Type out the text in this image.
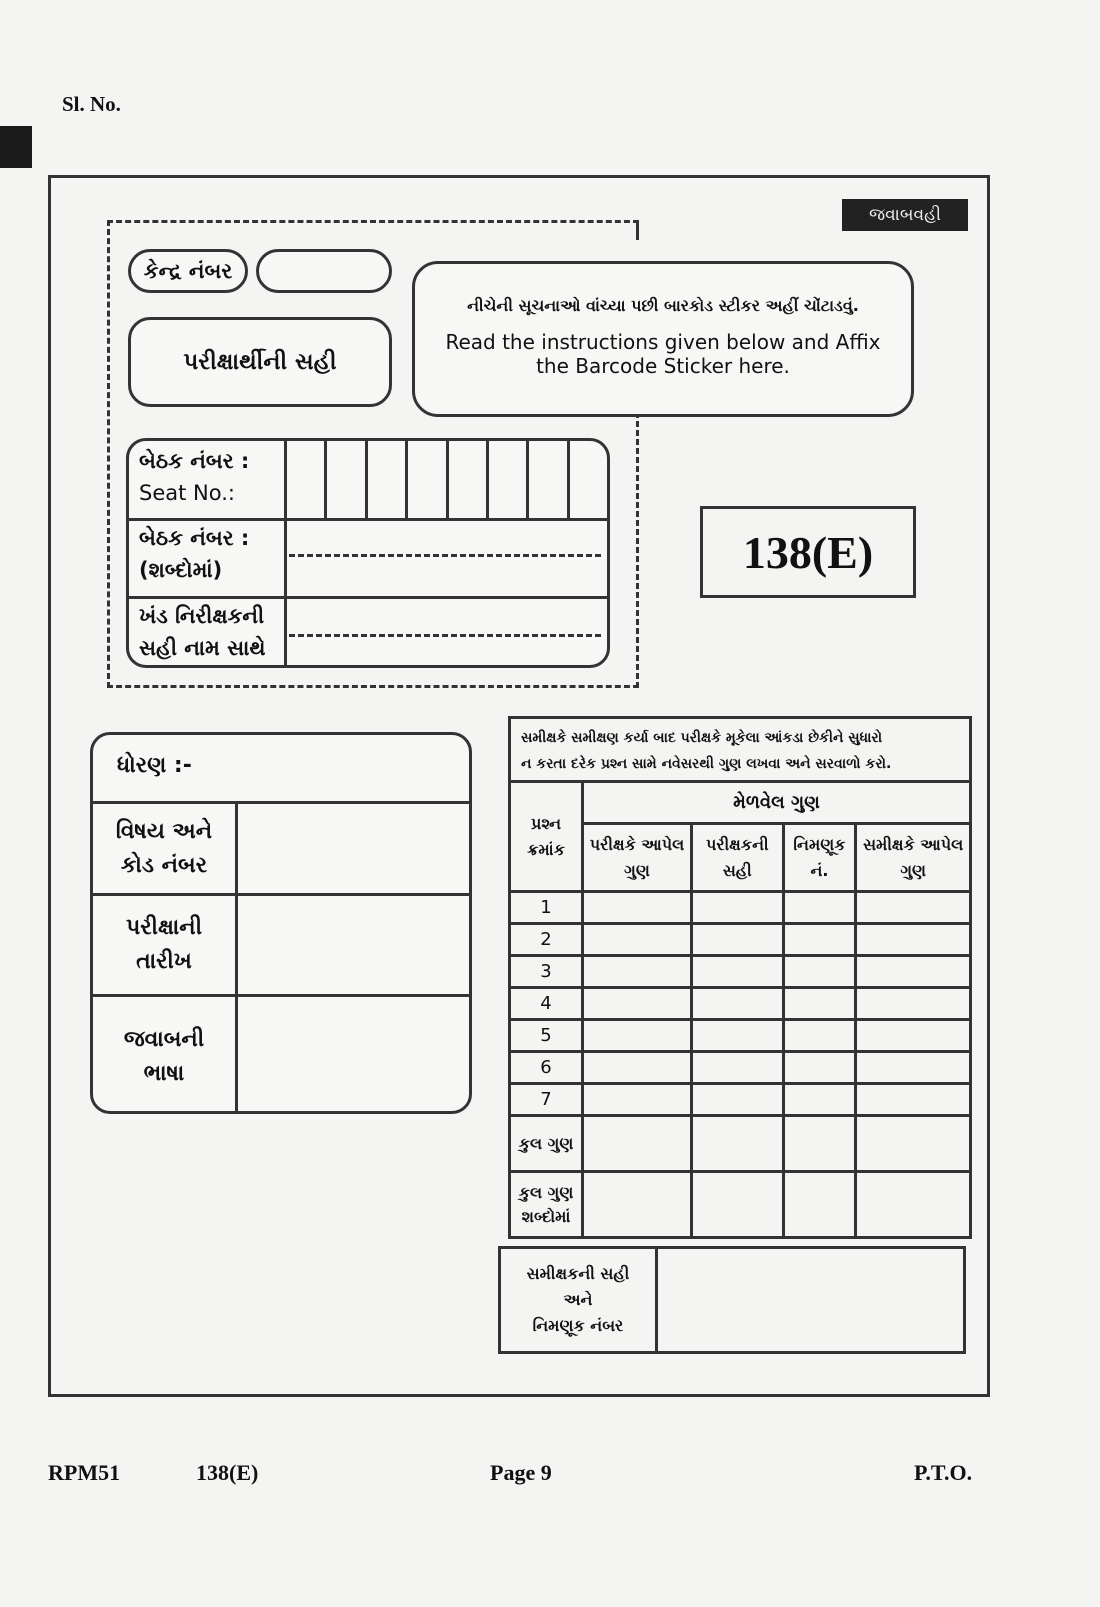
Sl. No.
જવાબવહી
કેન્દ્ર નંબર
પરીક્ષાર્થીની સહી
નીચેની સૂચનાઓ વાંચ્યા પછી બારકોડ સ્ટીકર અહીં ચોંટાડવું.
Read the instructions given below and Affix
the Barcode Sticker here.
બેઠક નંબર :
Seat No.:
બેઠક નંબર :
(શબ્દોમાં)
ખંડ નિરીક્ષકની
સહી નામ સાથે
138(E)
ધોરણ :-
વિષય અને
કોડ નંબર
પરીક્ષાની
તારીખ
જવાબની
ભાષા
સમીક્ષકે સમીક્ષણ કર્યા બાદ પરીક્ષકે મૂકેલા આંકડા છેકીને સુધારો
ન કરતા દરેક પ્રશ્ન સામે નવેસરથી ગુણ લખવા અને સરવાળો કરો.
પ્રશ્ન ક્રમાંક	મેળવેલ ગુણ			
	પરીક્ષકે આપેલ ગુણ	પરીક્ષકની સહી	નિમણૂક નં.	સમીક્ષકે આપેલ ગુણ
1				
2				
3				
4				
5				
6				
7				
કુલ ગુણ				
કુલ ગુણ શબ્દોમાં				
સમીક્ષકની સહી
અને
નિમણૂક નંબર
RPM51	138(E)	Page 9	P.T.O.
